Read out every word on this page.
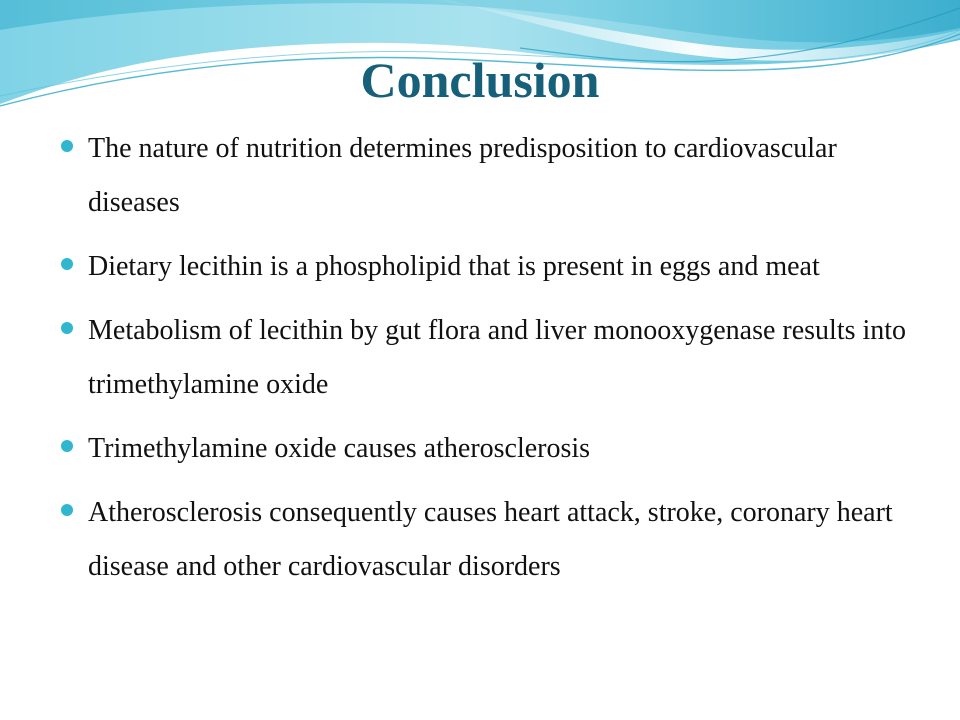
Conclusion
The nature of nutrition determines predisposition to cardiovascular diseases
Dietary lecithin is a phospholipid that is present in eggs and meat
Metabolism of lecithin by gut flora and liver monooxygenase results into trimethylamine oxide
Trimethylamine oxide causes atherosclerosis
Atherosclerosis consequently causes heart attack, stroke, coronary heart disease and other cardiovascular disorders
